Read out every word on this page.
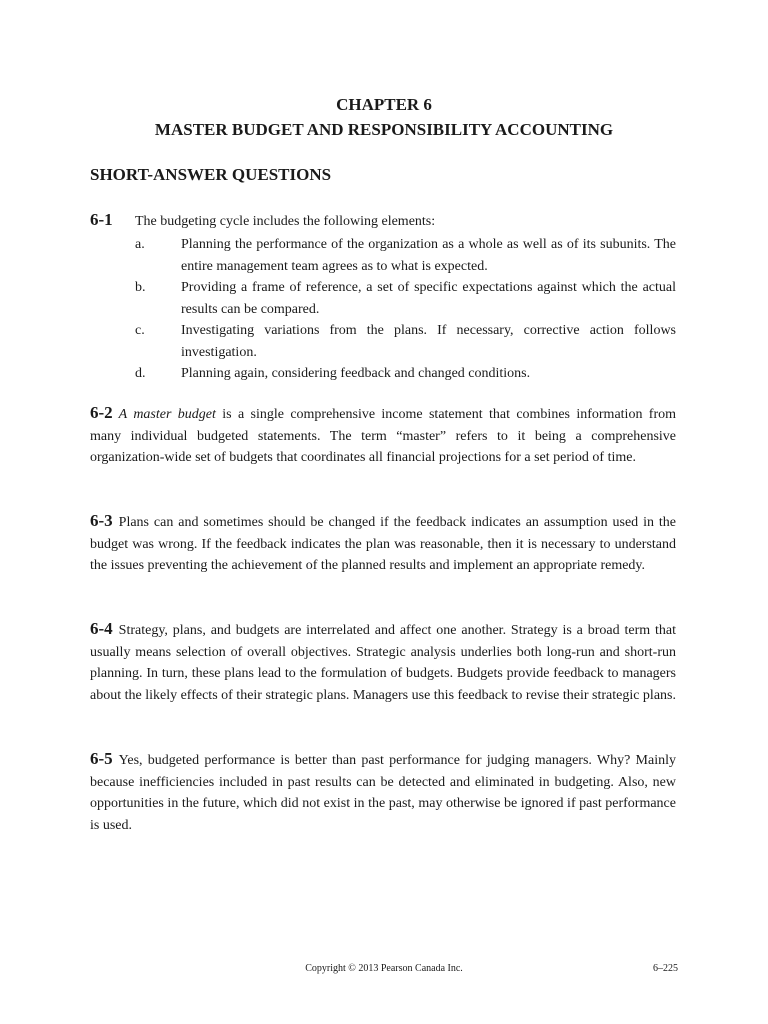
CHAPTER 6
MASTER BUDGET AND RESPONSIBILITY ACCOUNTING
SHORT-ANSWER QUESTIONS
6-1 The budgeting cycle includes the following elements:
a.	Planning the performance of the organization as a whole as well as of its subunits. The entire management team agrees as to what is expected.
b.	Providing a frame of reference, a set of specific expectations against which the actual results can be compared.
c.	Investigating variations from the plans. If necessary, corrective action follows investigation.
d.	Planning again, considering feedback and changed conditions.
6-2 A master budget is a single comprehensive income statement that combines information from many individual budgeted statements. The term “master” refers to it being a comprehensive organization-wide set of budgets that coordinates all financial projections for a set period of time.
6-3 Plans can and sometimes should be changed if the feedback indicates an assumption used in the budget was wrong. If the feedback indicates the plan was reasonable, then it is necessary to understand the issues preventing the achievement of the planned results and implement an appropriate remedy.
6-4 Strategy, plans, and budgets are interrelated and affect one another. Strategy is a broad term that usually means selection of overall objectives. Strategic analysis underlies both long-run and short-run planning. In turn, these plans lead to the formulation of budgets. Budgets provide feedback to managers about the likely effects of their strategic plans. Managers use this feedback to revise their strategic plans.
6-5 Yes, budgeted performance is better than past performance for judging managers. Why? Mainly because inefficiencies included in past results can be detected and eliminated in budgeting. Also, new opportunities in the future, which did not exist in the past, may otherwise be ignored if past performance is used.
Copyright © 2013 Pearson Canada Inc.	6–225
